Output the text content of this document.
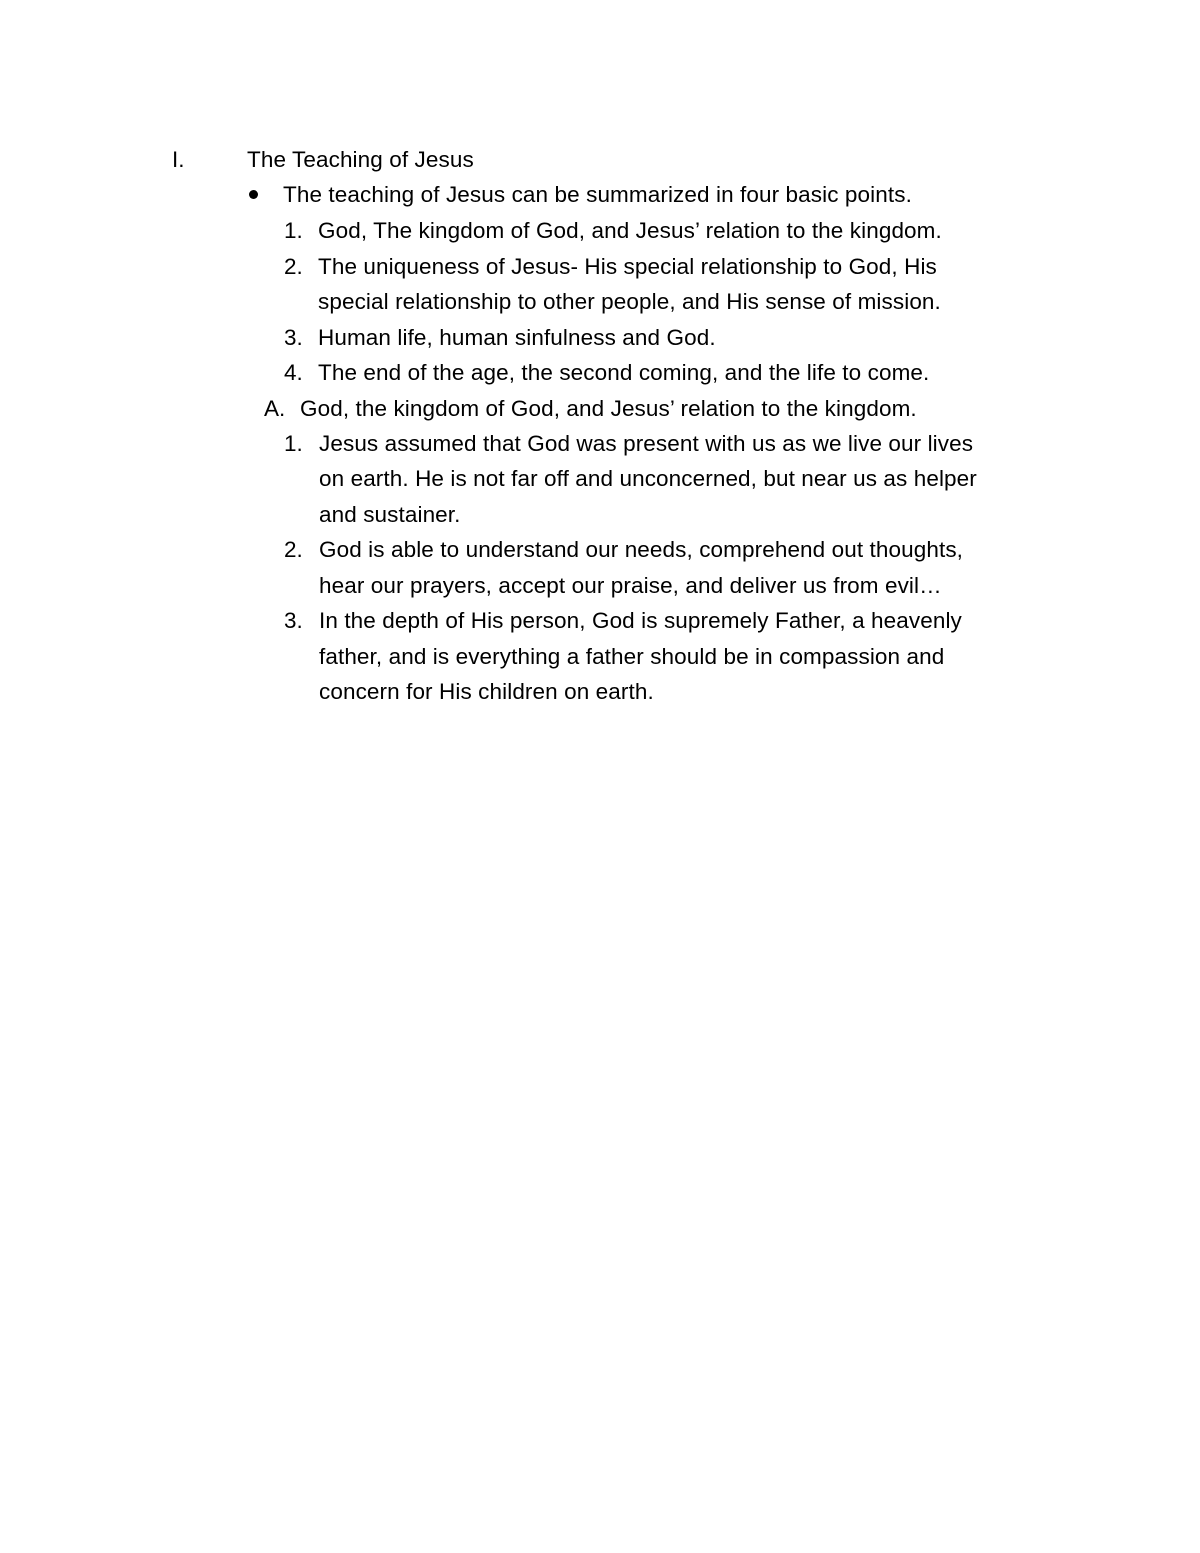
I.	The Teaching of Jesus
The teaching of Jesus can be summarized in four basic points.
1. God, The kingdom of God, and Jesus’ relation to the kingdom.
2. The uniqueness of Jesus- His special relationship to God, His
special relationship to other people, and His sense of mission.
3. Human life, human sinfulness and God.
4. The end of the age, the second coming, and the life to come.
A. God, the kingdom of God, and Jesus’ relation to the kingdom.
1. Jesus assumed that God was present with us as we live our lives
on earth. He is not far off and unconcerned, but near us as helper
and sustainer.
2. God is able to understand our needs, comprehend out thoughts,
hear our prayers, accept our praise, and deliver us from evil…
3. In the depth of His person, God is supremely Father, a heavenly
father, and is everything a father should be in compassion and
concern for His children on earth.
